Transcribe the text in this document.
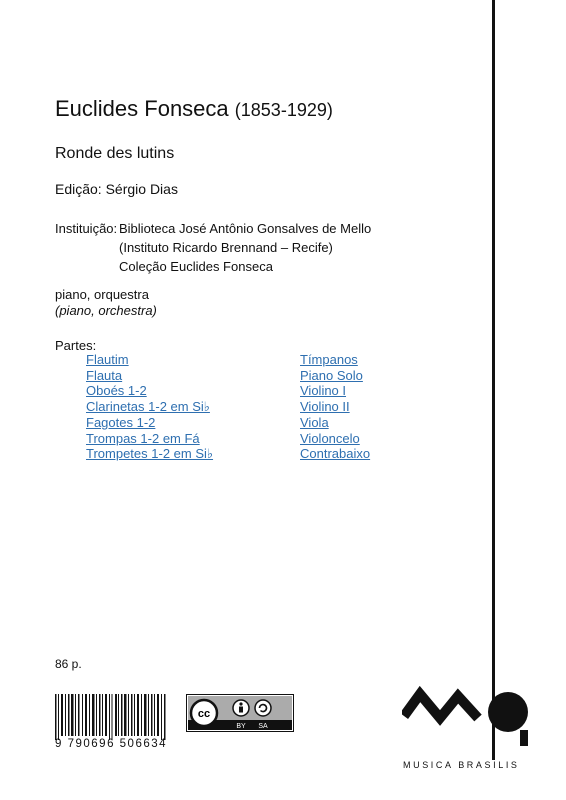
Euclides Fonseca (1853-1929)
Ronde des lutins
Edição: Sérgio Dias
Instituição: Biblioteca José Antônio Gonsalves de Mello
(Instituto Ricardo Brennand – Recife)
Coleção Euclides Fonseca
piano, orquestra
(piano, orchestra)
Partes:
Flautim
Flauta
Oboés 1-2
Clarinetas 1-2 em Si♭
Fagotes 1-2
Trompas 1-2 em Fá
Trompetes 1-2 em Si♭
Tímpanos
Piano Solo
Violino I
Violino II
Viola
Violoncelo
Contrabaixo
86 p.
9 790696 506634
cc
BY SA
MUSICA BRASILIS
